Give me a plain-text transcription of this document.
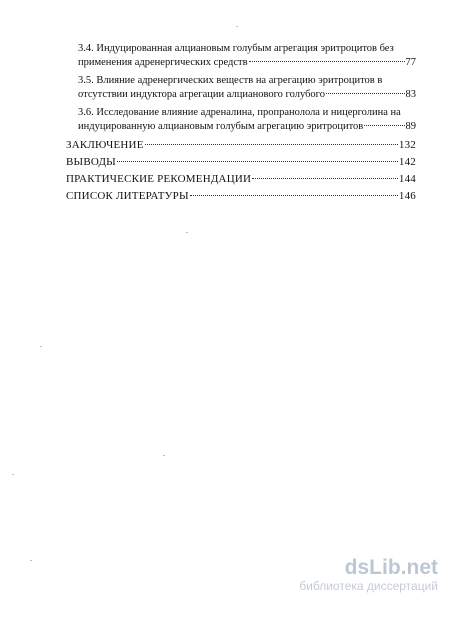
3.4. Индуцированная алциановым голубым агрегация эритроцитов без
применения адренергических средств	77
3.5. Влияние адренергических веществ на агрегацию эритроцитов в
отсутствии индуктора агрегации алцианового голубого	83
3.6. Исследование влияние адреналина, пропранолола и ницерголина на
индуцированную алциановым голубым агрегацию эритроцитов	89
ЗАКЛЮЧЕНИЕ	132
ВЫВОДЫ	142
ПРАКТИЧЕСКИЕ РЕКОМЕНДАЦИИ	144
СПИСОК ЛИТЕРАТУРЫ	146
dsLib.net
библиотека диссертаций
